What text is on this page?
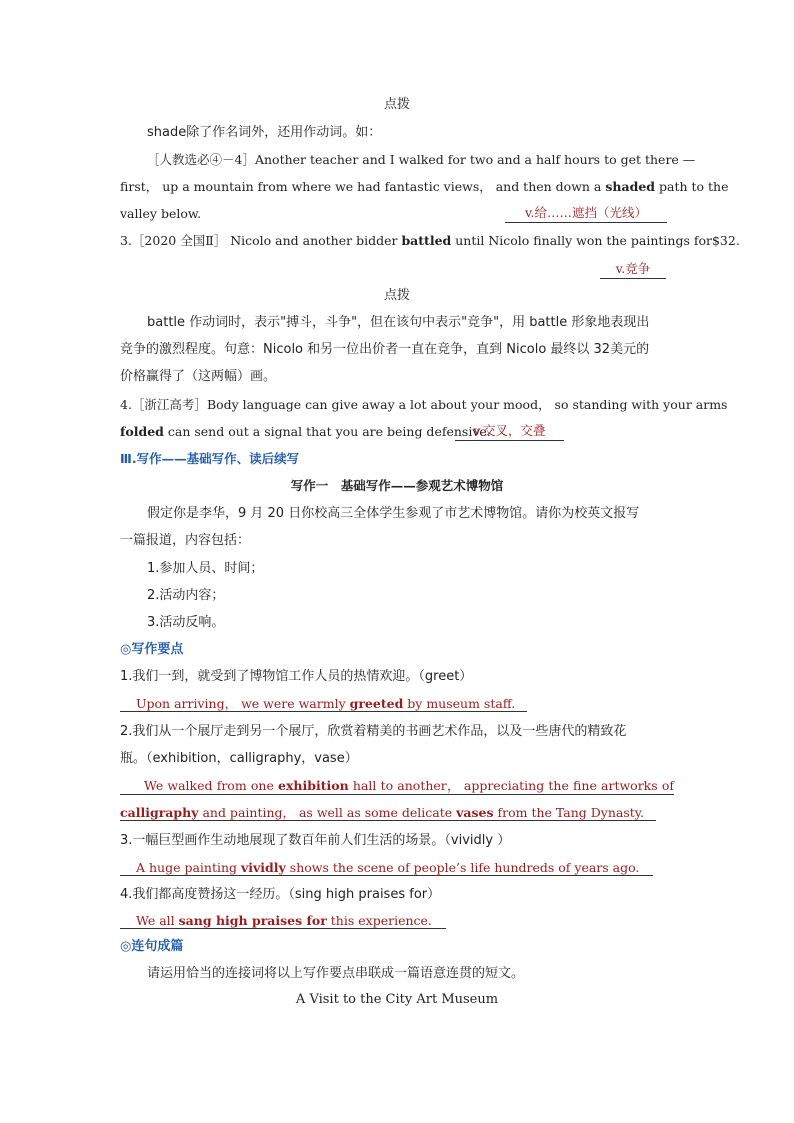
点拨
shade除了作名词外，还用作动词。如：
［人教选必④－4］Another teacher and I walked for two and a half hours to get there —
first， up a mountain from where we had fantastic views， and then down a shaded path to the
valley below.	v.给……遮挡（光线）
3.［2020 全国Ⅱ］ Nicolo and another bidder battled until Nicolo finally won the paintings for$32.
v.竞争
点拨
battle 作动词时，表示"搏斗，斗争"，但在该句中表示"竞争"，用 battle 形象地表现出
竞争的激烈程度。句意：Nicolo 和另一位出价者一直在竞争，直到 Nicolo 最终以 32美元的
价格赢得了（这两幅）画。
4.［浙江高考］Body language can give away a lot about your mood， so standing with your arms
folded can send out a signal that you are being defensive.
v.交叉，交叠
Ⅲ.写作——基础写作、读后续写
写作一　基础写作——参观艺术博物馆
假定你是李华，9 月 20 日你校高三全体学生参观了市艺术博物馆。请你为校英文报写
一篇报道，内容包括：
1.参加人员、时间；
2.活动内容；
3.活动反响。
◎写作要点
1.我们一到，就受到了博物馆工作人员的热情欢迎。（greet）
Upon arriving， we were warmly greeted by museum staff.
2.我们从一个展厅走到另一个展厅，欣赏着精美的书画艺术作品，以及一些唐代的精致花
瓶。（exhibition，calligraphy，vase）
We walked from one exhibition hall to another， appreciating the fine artworks of
calligraphy and painting， as well as some delicate vases from the Tang Dynasty.
3.一幅巨型画作生动地展现了数百年前人们生活的场景。（vividly ）
A huge painting vividly shows the scene of people’s life hundreds of years ago.
4.我们都高度赞扬这一经历。（sing high praises for）
We all sang high praises for this experience.
◎连句成篇
请运用恰当的连接词将以上写作要点串联成一篇语意连贯的短文。
A Visit to the City Art Museum
